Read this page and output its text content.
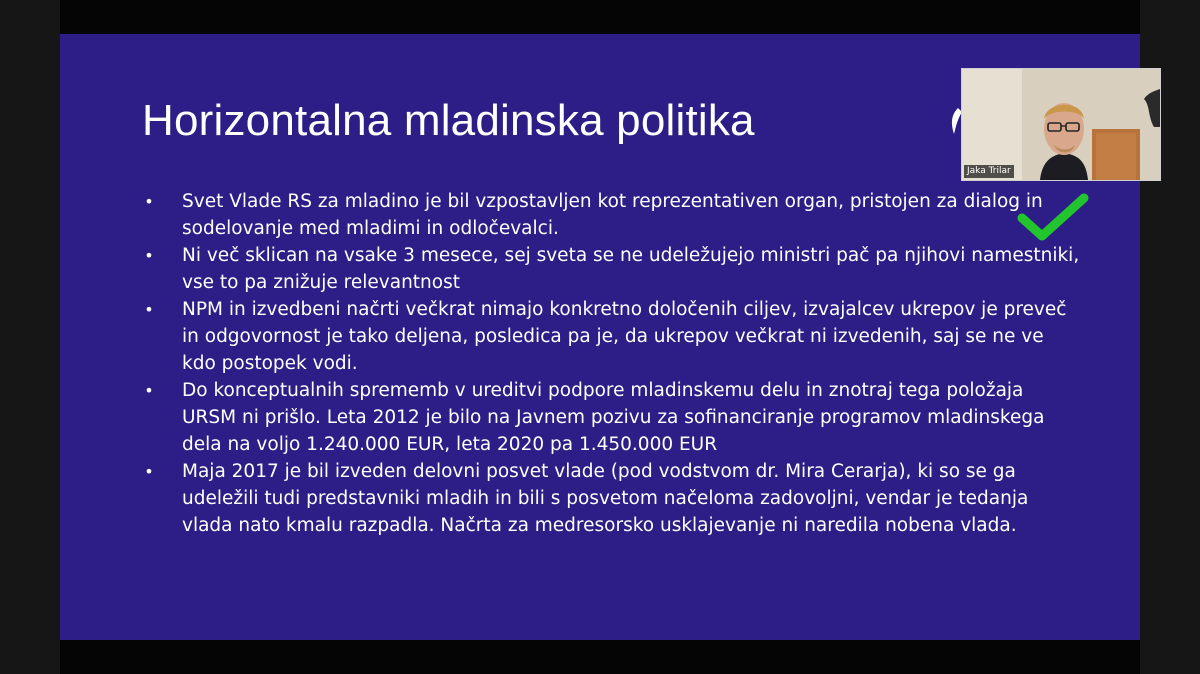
Horizontalna mladinska politika
• Svet Vlade RS za mladino je bil vzpostavljen kot reprezentativen organ, pristojen za dialog in sodelovanje med mladimi in odločevalci.
• Ni več sklican na vsake 3 mesece, sej sveta se ne udeležujejo ministri pač pa njihovi namestniki, vse to pa znižuje relevantnost
• NPM in izvedbeni načrti večkrat nimajo konkretno določenih ciljev, izvajalcev ukrepov je preveč in odgovornost je tako deljena, posledica pa je, da ukrepov večkrat ni izvedenih, saj se ne ve kdo postopek vodi.
• Do konceptualnih sprememb v ureditvi podpore mladinskemu delu in znotraj tega položaja URSM ni prišlo. Leta 2012 je bilo na Javnem pozivu za sofinanciranje programov mladinskega dela na voljo 1.240.000 EUR, leta 2020 pa 1.450.000 EUR
• Maja 2017 je bil izveden delovni posvet vlade (pod vodstvom dr. Mira Cerarja), ki so se ga udeležili tudi predstavniki mladih in bili s posvetom načeloma zadovoljni, vendar je tedanja vlada nato kmalu razpadla. Načrta za medresorsko usklajevanje ni naredila nobena vlada.
Jaka Trilar
